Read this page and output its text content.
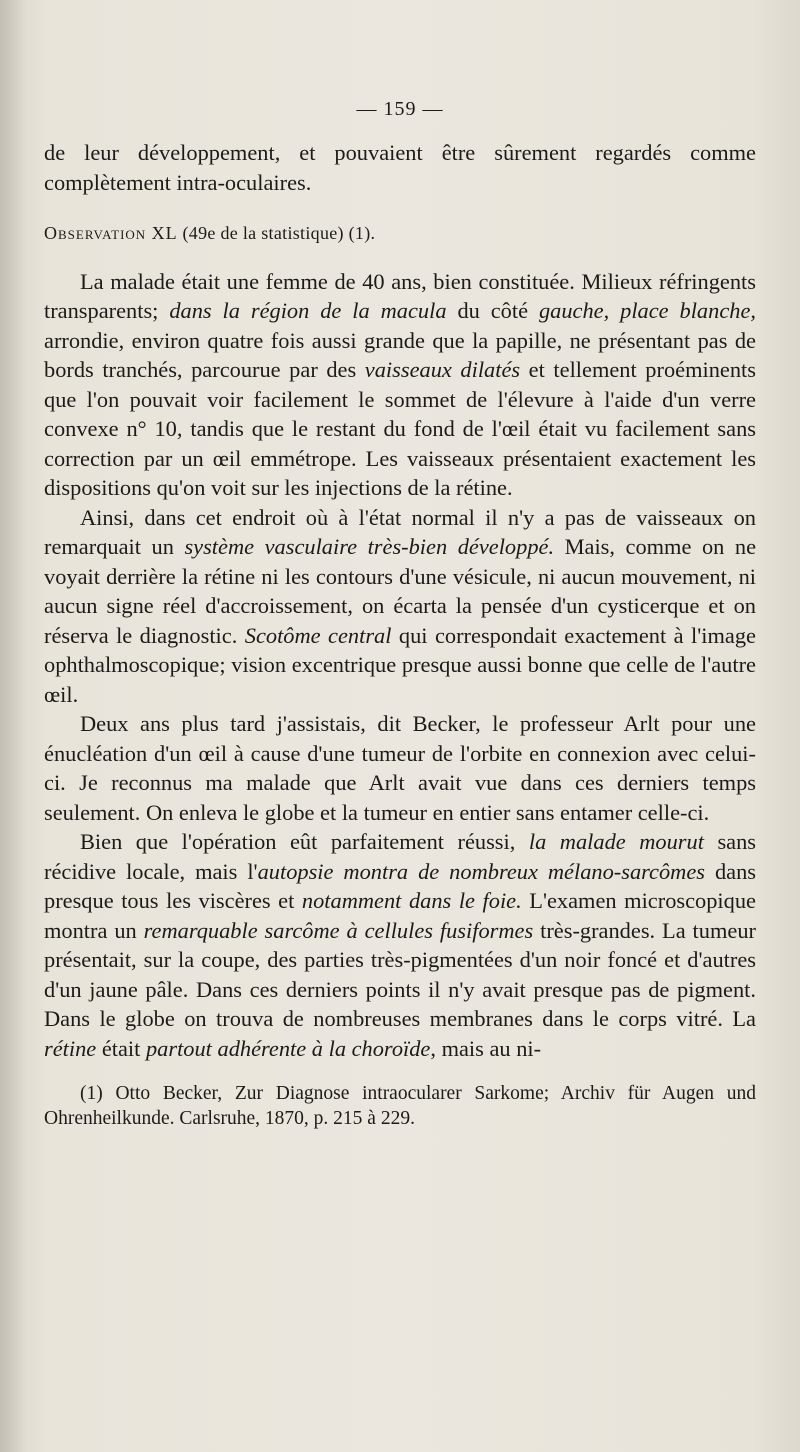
— 159 —

de leur développement, et pouvaient être sûrement regardés comme complètement intra-oculaires.

Observation XL (49e de la statistique) (1).

La malade était une femme de 40 ans, bien constituée. Milieux réfringents transparents; dans la région de la macula du côté gauche, place blanche, arrondie, environ quatre fois aussi grande que la papille, ne présentant pas de bords tranchés, parcourue par des vaisseaux dilatés et tellement proéminents que l'on pouvait voir facilement le sommet de l'élevure à l'aide d'un verre convexe n° 10, tandis que le restant du fond de l'œil était vu facilement sans correction par un œil emmétrope. Les vaisseaux présentaient exactement les dispositions qu'on voit sur les injections de la rétine.

Ainsi, dans cet endroit où à l'état normal il n'y a pas de vaisseaux on remarquait un système vasculaire très-bien développé. Mais, comme on ne voyait derrière la rétine ni les contours d'une vésicule, ni aucun mouvement, ni aucun signe réel d'accroissement, on écarta la pensée d'un cysticerque et on réserva le diagnostic. Scotôme central qui correspondait exactement à l'image ophthalmoscopique; vision excentrique presque aussi bonne que celle de l'autre œil.

Deux ans plus tard j'assistais, dit Becker, le professeur Arlt pour une énucléation d'un œil à cause d'une tumeur de l'orbite en connexion avec celui-ci. Je reconnus ma malade que Arlt avait vue dans ces derniers temps seulement. On enleva le globe et la tumeur en entier sans entamer celle-ci.

Bien que l'opération eût parfaitement réussi, la malade mourut sans récidive locale, mais l'autopsie montra de nombreux mélano-sarcômes dans presque tous les viscères et notamment dans le foie. L'examen microscopique montra un remarquable sarcôme à cellules fusiformes très-grandes. La tumeur présentait, sur la coupe, des parties très-pigmentées d'un noir foncé et d'autres d'un jaune pâle. Dans ces derniers points il n'y avait presque pas de pigment. Dans le globe on trouva de nombreuses membranes dans le corps vitré. La rétine était partout adhérente à la choroïde, mais au ni-

(1) Otto Becker, Zur Diagnose intraocularer Sarkome; Archiv für Augen und Ohrenheilkunde. Carlsruhe, 1870, p. 215 à 229.
